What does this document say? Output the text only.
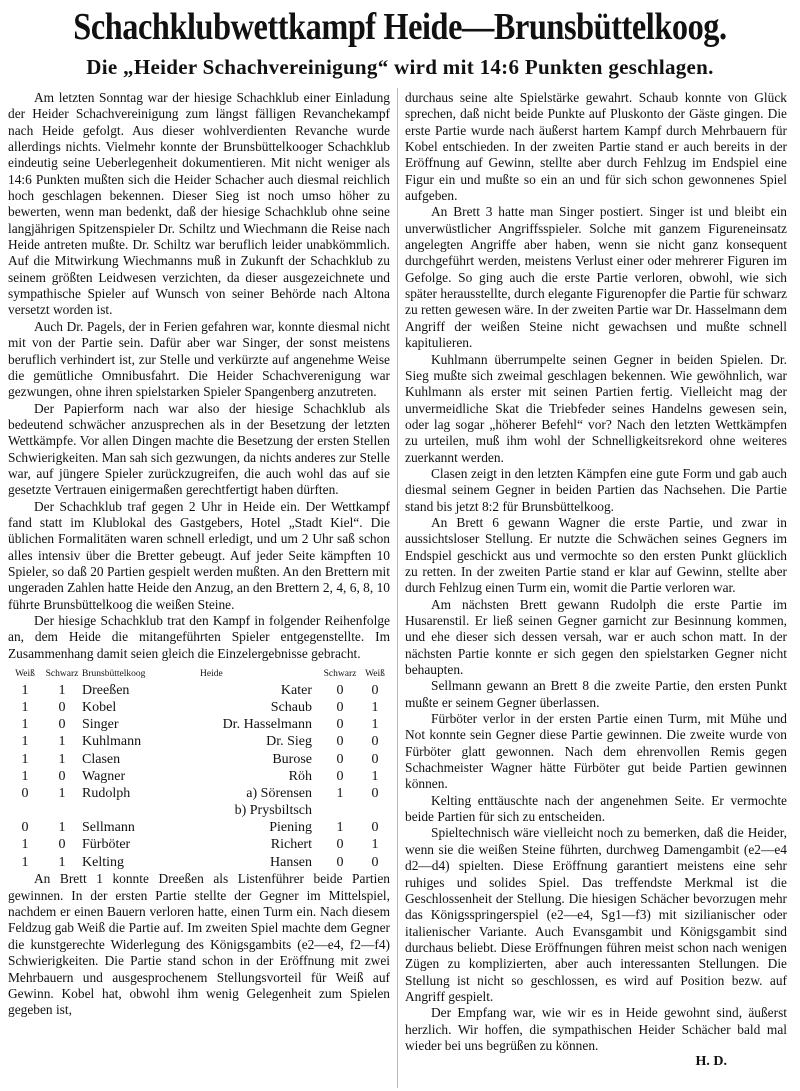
Schachklubwettkampf Heide—Brunsbüttelkoog.
Die „Heider Schachvereinigung“ wird mit 14:6 Punkten geschlagen.

Am letzten Sonntag war der hiesige Schachklub einer Einladung der Heider Schachvereinigung zum längst fälligen Revanchekampf nach Heide gefolgt. Aus dieser wohlverdienten Revanche wurde allerdings nichts. Vielmehr konnte der Brunsbüttelkooger Schachklub eindeutig seine Ueberlegenheit dokumentieren. Mit nicht weniger als 14:6 Punkten mußten sich die Heider Schacher auch diesmal reichlich hoch geschlagen bekennen. Dieser Sieg ist noch umso höher zu bewerten, wenn man bedenkt, daß der hiesige Schachklub ohne seine langjährigen Spitzenspieler Dr. Schiltz und Wiechmann die Reise nach Heide antreten mußte. Dr. Schiltz war beruflich leider unabkömmlich. Auf die Mitwirkung Wiechmanns muß in Zukunft der Schachklub zu seinem größten Leidwesen verzichten, da dieser ausgezeichnete und sympathische Spieler auf Wunsch von seiner Behörde nach Altona versetzt worden ist.

Auch Dr. Pagels, der in Ferien gefahren war, konnte diesmal nicht mit von der Partie sein. Dafür aber war Singer, der sonst meistens beruflich verhindert ist, zur Stelle und verkürzte auf angenehme Weise die gemütliche Omnibusfahrt. Die Heider Schachverenigung war gezwungen, ohne ihren spielstarken Spieler Spangenberg anzutreten.

Der Papierform nach war also der hiesige Schachklub als bedeutend schwächer anzusprechen als in der Besetzung der letzten Wettkämpfe. Vor allen Dingen machte die Besetzung der ersten Stellen Schwierigkeiten. Man sah sich gezwungen, da nichts anderes zur Stelle war, auf jüngere Spieler zurückzugreifen, die auch wohl das auf sie gesetzte Vertrauen einigermaßen gerechtfertigt haben dürften.

Der Schachklub traf gegen 2 Uhr in Heide ein. Der Wettkampf fand statt im Klublokal des Gastgebers, Hotel „Stadt Kiel“. Die üblichen Formalitäten waren schnell erledigt, und um 2 Uhr saß schon alles intensiv über die Bretter gebeugt. Auf jeder Seite kämpften 10 Spieler, so daß 20 Partien gespielt werden mußten. An den Brettern mit ungeraden Zahlen hatte Heide den Anzug, an den Brettern 2, 4, 6, 8, 10 führte Brunsbüttelkoog die weißen Steine.

Der hiesige Schachklub trat den Kampf in folgender Reihenfolge an, dem Heide die mitangeführten Spieler entgegenstellte. Im Zusammenhang damit seien gleich die Einzelergebnisse gebracht.

Weiß	Schwarz	Brunsbüttelkoog	Heide	Schwarz	Weiß
1	1	Dreeßen	Kater	0	0
1	0	Kobel	Schaub	0	1
1	0	Singer	Dr. Hasselmann	0	1
1	1	Kuhlmann	Dr. Sieg	0	0
1	1	Clasen	Burose	0	0
1	0	Wagner	Röh	0	1
0	1	Rudolph	a) Sörensen	1	0
			b) Prysbiltsch		
0	1	Sellmann	Piening	1	0
1	0	Fürböter	Richert	0	1
1	1	Kelting	Hansen	0	0

An Brett 1 konnte Dreeßen als Listenführer beide Partien gewinnen. In der ersten Partie stellte der Gegner im Mittelspiel, nachdem er einen Bauern verloren hatte, einen Turm ein. Nach diesem Feldzug gab Weiß die Partie auf. Im zweiten Spiel machte dem Gegner die kunstgerechte Widerlegung des Königsgambits (e2—e4, f2—f4) Schwierigkeiten. Die Partie stand schon in der Eröffnung mit zwei Mehrbauern und ausgesprochenem Stellungsvorteil für Weiß auf Gewinn. Kobel hat, obwohl ihm wenig Gelegenheit zum Spielen gegeben ist,

durchaus seine alte Spielstärke gewahrt. Schaub konnte von Glück sprechen, daß nicht beide Punkte auf Pluskonto der Gäste gingen. Die erste Partie wurde nach äußerst hartem Kampf durch Mehrbauern für Kobel entschieden. In der zweiten Partie stand er auch bereits in der Eröffnung auf Gewinn, stellte aber durch Fehlzug im Endspiel eine Figur ein und mußte so ein an und für sich schon gewonnenes Spiel aufgeben.

An Brett 3 hatte man Singer postiert. Singer ist und bleibt ein unverwüstlicher Angriffsspieler. Solche mit ganzem Figureneinsatz angelegten Angriffe aber haben, wenn sie nicht ganz konsequent durchgeführt werden, meistens Verlust einer oder mehrerer Figuren im Gefolge. So ging auch die erste Partie verloren, obwohl, wie sich später herausstellte, durch elegante Figurenopfer die Partie für schwarz zu retten gewesen wäre. In der zweiten Partie war Dr. Hasselmann dem Angriff der weißen Steine nicht gewachsen und mußte schnell kapitulieren.

Kuhlmann überrumpelte seinen Gegner in beiden Spielen. Dr. Sieg mußte sich zweimal geschlagen bekennen. Wie gewöhnlich, war Kuhlmann als erster mit seinen Partien fertig. Vielleicht mag der unvermeidliche Skat die Triebfeder seines Handelns gewesen sein, oder lag sogar „höherer Befehl“ vor? Nach den letzten Wettkämpfen zu urteilen, muß ihm wohl der Schnelligkeitsrekord ohne weiteres zuerkannt werden.

Clasen zeigt in den letzten Kämpfen eine gute Form und gab auch diesmal seinem Gegner in beiden Partien das Nachsehen. Die Partie stand bis jetzt 8:2 für Brunsbüttelkoog.

An Brett 6 gewann Wagner die erste Partie, und zwar in aussichtsloser Stellung. Er nutzte die Schwächen seines Gegners im Endspiel geschickt aus und vermochte so den ersten Punkt glücklich zu retten. In der zweiten Partie stand er klar auf Gewinn, stellte aber durch Fehlzug einen Turm ein, womit die Partie verloren war.

Am nächsten Brett gewann Rudolph die erste Partie im Husarenstil. Er ließ seinen Gegner garnicht zur Besinnung kommen, und ehe dieser sich dessen versah, war er auch schon matt. In der nächsten Partie konnte er sich gegen den spielstarken Gegner nicht behaupten.

Sellmann gewann an Brett 8 die zweite Partie, den ersten Punkt mußte er seinem Gegner überlassen.

Fürböter verlor in der ersten Partie einen Turm, mit Mühe und Not konnte sein Gegner diese Partie gewinnen. Die zweite wurde von Fürböter glatt gewonnen. Nach dem ehrenvollen Remis gegen Schachmeister Wagner hätte Fürböter gut beide Partien gewinnen können.

Kelting enttäuschte nach der angenehmen Seite. Er vermochte beide Partien für sich zu entscheiden.

Spieltechnisch wäre vielleicht noch zu bemerken, daß die Heider, wenn sie die weißen Steine führten, durchweg Damengambit (e2—e4 d2—d4) spielten. Diese Eröffnung garantiert meistens eine sehr ruhiges und solides Spiel. Das treffendste Merkmal ist die Geschlossenheit der Stellung. Die hiesigen Schächer bevorzugen mehr das Königsspringerspiel (e2—e4, Sg1—f3) mit sizilianischer oder italienischer Variante. Auch Evansgambit und Königsgambit sind durchaus beliebt. Diese Eröffnungen führen meist schon nach wenigen Zügen zu komplizierten, aber auch interessanten Stellungen. Die Stellung ist nicht so geschlossen, es wird auf Position bezw. auf Angriff gespielt.

Der Empfang war, wie wir es in Heide gewohnt sind, äußerst herzlich. Wir hoffen, die sympathischen Heider Schächer bald mal wieder bei uns begrüßen zu können.

H. D.
